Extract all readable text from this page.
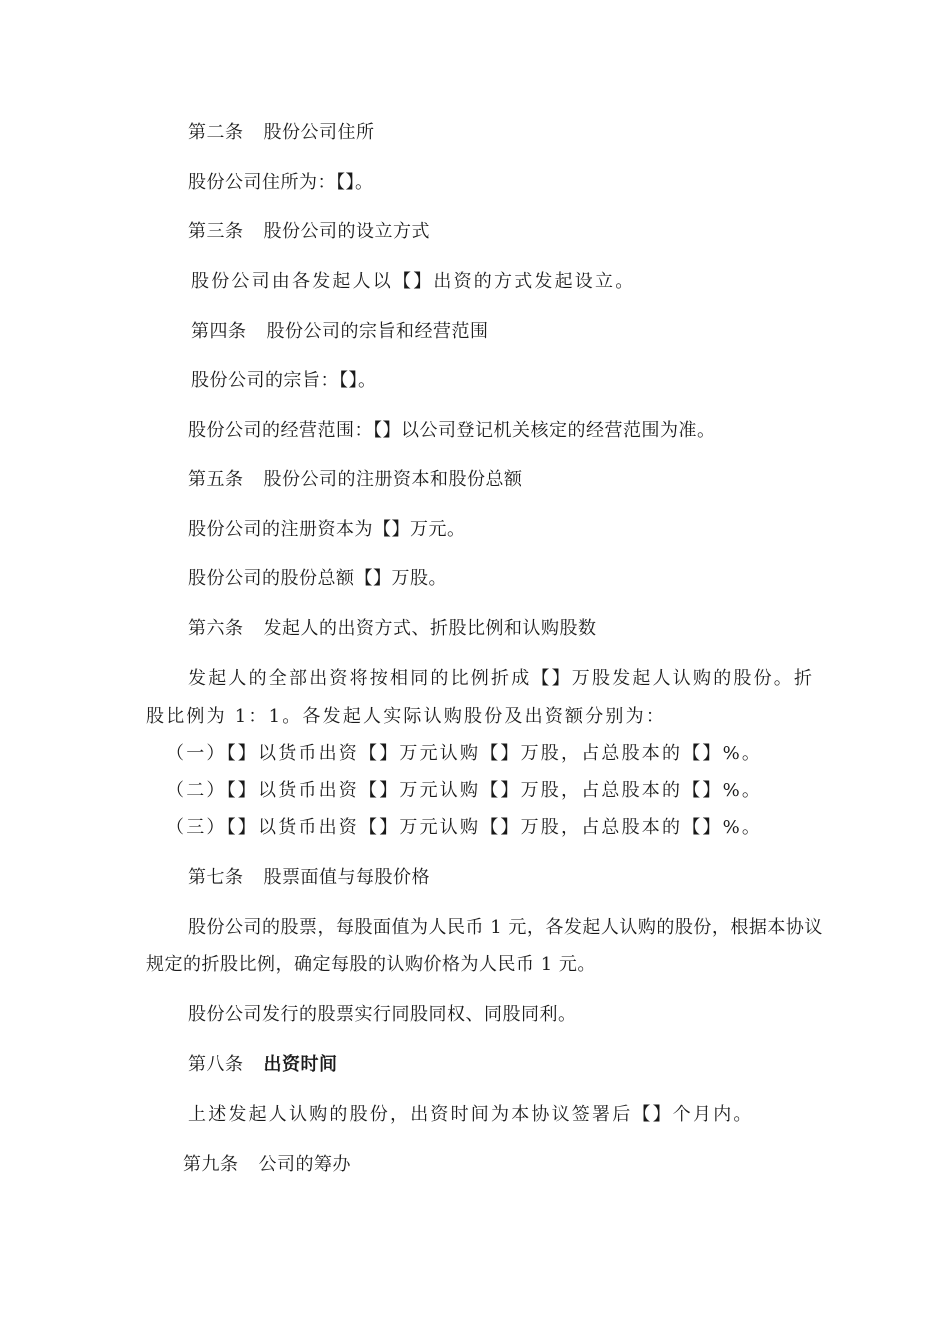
第二条 股份公司住所
股份公司住所为：【】。
第三条 股份公司的设立方式
股份公司由各发起人以【】出资的方式发起设立。
第四条 股份公司的宗旨和经营范围
股份公司的宗旨：【】。
股份公司的经营范围：【】以公司登记机关核定的经营范围为准。
第五条 股份公司的注册资本和股份总额
股份公司的注册资本为【】万元。
股份公司的股份总额【】万股。
第六条 发起人的出资方式、折股比例和认购股数
发起人的全部出资将按相同的比例折成【】万股发起人认购的股份。折
股比例为 1：1。各发起人实际认购股份及出资额分别为：
（一）【】以货币出资【】万元认购【】万股，占总股本的【】%。
（二）【】以货币出资【】万元认购【】万股，占总股本的【】%。
（三）【】以货币出资【】万元认购【】万股，占总股本的【】%。
第七条 股票面值与每股价格
股份公司的股票，每股面值为人民币 1 元，各发起人认购的股份，根据本协议
规定的折股比例，确定每股的认购价格为人民币 1 元。
股份公司发行的股票实行同股同权、同股同利。
第八条 出资时间
上述发起人认购的股份，出资时间为本协议签署后【】个月内。
第九条 公司的筹办
